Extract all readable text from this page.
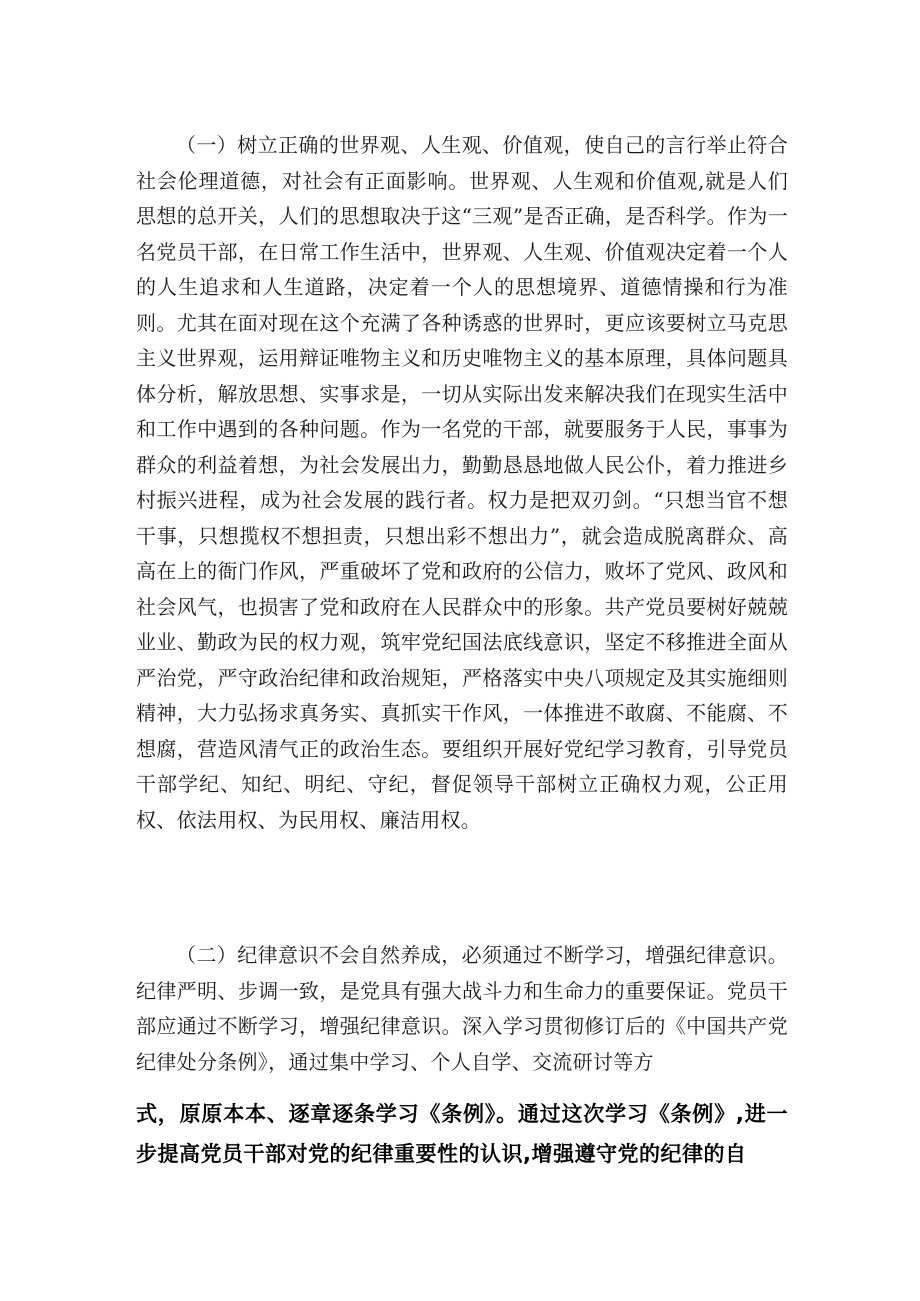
（一）树立正确的世界观、人生观、价值观，使自己的言行举止符合社会伦理道德，对社会有正面影响。世界观、人生观和价值观,就是人们思想的总开关，人们的思想取决于这“三观”是否正确，是否科学。作为一名党员干部，在日常工作生活中，世界观、人生观、价值观决定着一个人的人生追求和人生道路，决定着一个人的思想境界、道德情操和行为准则。尤其在面对现在这个充满了各种诱惑的世界时，更应该要树立马克思主义世界观，运用辩证唯物主义和历史唯物主义的基本原理，具体问题具体分析，解放思想、实事求是，一切从实际出发来解决我们在现实生活中和工作中遇到的各种问题。作为一名党的干部，就要服务于人民，事事为群众的利益着想，为社会发展出力，勤勤恳恳地做人民公仆，着力推进乡村振兴进程，成为社会发展的践行者。权力是把双刃剑。“只想当官不想干事，只想揽权不想担责，只想出彩不想出力”，就会造成脱离群众、高高在上的衙门作风，严重破坏了党和政府的公信力，败坏了党风、政风和社会风气，也损害了党和政府在人民群众中的形象。共产党员要树好兢兢业业、勤政为民的权力观，筑牢党纪国法底线意识，坚定不移推进全面从严治党，严守政治纪律和政治规矩，严格落实中央八项规定及其实施细则精神，大力弘扬求真务实、真抓实干作风，一体推进不敢腐、不能腐、不想腐，营造风清气正的政治生态。要组织开展好党纪学习教育，引导党员干部学纪、知纪、明纪、守纪，督促领导干部树立正确权力观，公正用权、依法用权、为民用权、廉洁用权。

（二）纪律意识不会自然养成，必须通过不断学习，增强纪律意识。纪律严明、步调一致，是党具有强大战斗力和生命力的重要保证。党员干部应通过不断学习，增强纪律意识。深入学习贯彻修订后的《中国共产党纪律处分条例》，通过集中学习、个人自学、交流研讨等方

式，原原本本、逐章逐条学习《条例》。通过这次学习《条例》,进一步提高党员干部对党的纪律重要性的认识,增强遵守党的纪律的自
